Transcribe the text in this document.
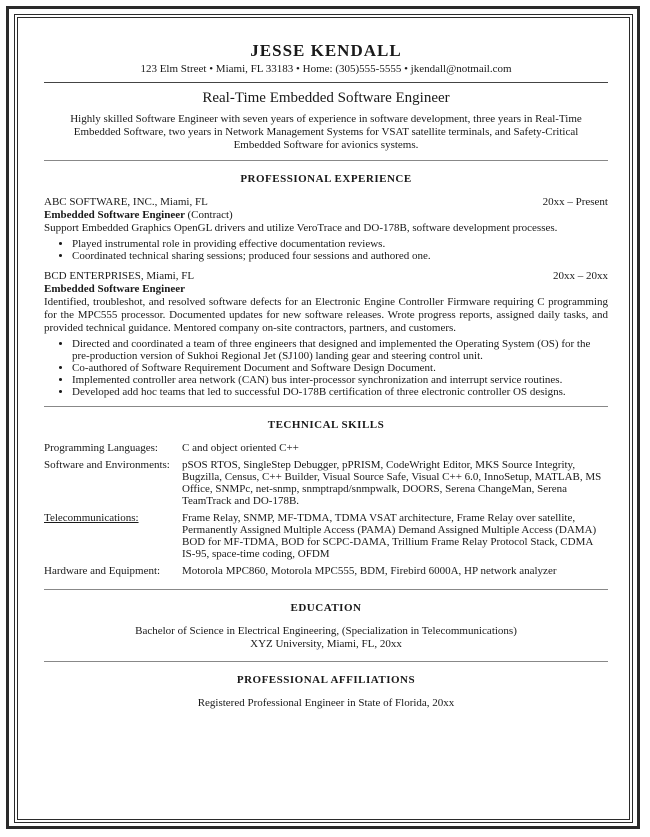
JESSE KENDALL

123 Elm Street • Miami, FL 33183 • Home: (305)555-5555 • jkendall@notmail.com

Real-Time Embedded Software Engineer

Highly skilled Software Engineer with seven years of experience in software development, three years in Real-Time Embedded Software, two years in Network Management Systems for VSAT satellite terminals, and Safety-Critical Embedded Software for avionics systems.

PROFESSIONAL EXPERIENCE
ABC SOFTWARE, INC., Miami, FL	20xx – Present
Embedded Software Engineer (Contract)
Support Embedded Graphics OpenGL drivers and utilize VeroTrace and DO-178B, software development processes.
• Played instrumental role in providing effective documentation reviews.
• Coordinated technical sharing sessions; produced four sessions and authored one.
BCD ENTERPRISES, Miami, FL	20xx – 20xx
Embedded Software Engineer
Identified, troubleshot, and resolved software defects for an Electronic Engine Controller Firmware requiring C programming for the MPC555 processor. Documented updates for new software releases. Wrote progress reports, assigned daily tasks, and provided technical guidance. Mentored company on-site contractors, partners, and customers.
• Directed and coordinated a team of three engineers that designed and implemented the Operating System (OS) for the pre-production version of Sukhoi Regional Jet (SJ100) landing gear and steering control unit.
• Co-authored of Software Requirement Document and Software Design Document.
• Implemented controller area network (CAN) bus inter-processor synchronization and interrupt service routines.
• Developed add hoc teams that led to successful DO-178B certification of three electronic controller OS designs.
TECHNICAL SKILLS
Programming Languages:	C and object oriented C++
Software and Environments:	pSOS RTOS, SingleStep Debugger, pPRISM, CodeWright Editor, MKS Source Integrity, Bugzilla, Census, C++ Builder, Visual Source Safe, Visual C++ 6.0, InnoSetup, MATLAB, MS Office, SNMPc, net-snmp, snmptrapd/snmpwalk, DOORS, Serena ChangeMan, Serena TeamTrack and DO-178B.
Telecommunications:	Frame Relay, SNMP, MF-TDMA, TDMA VSAT architecture, Frame Relay over satellite, Permanently Assigned Multiple Access (PAMA) Demand Assigned Multiple Access (DAMA) BOD for MF-TDMA, BOD for SCPC-DAMA, Trillium Frame Relay Protocol Stack, CDMA IS-95, space-time coding, OFDM
Hardware and Equipment:	Motorola MPC860, Motorola MPC555, BDM, Firebird 6000A, HP network analyzer
EDUCATION
Bachelor of Science in Electrical Engineering, (Specialization in Telecommunications)
XYZ University, Miami, FL, 20xx
PROFESSIONAL AFFILIATIONS
Registered Professional Engineer in State of Florida, 20xx
